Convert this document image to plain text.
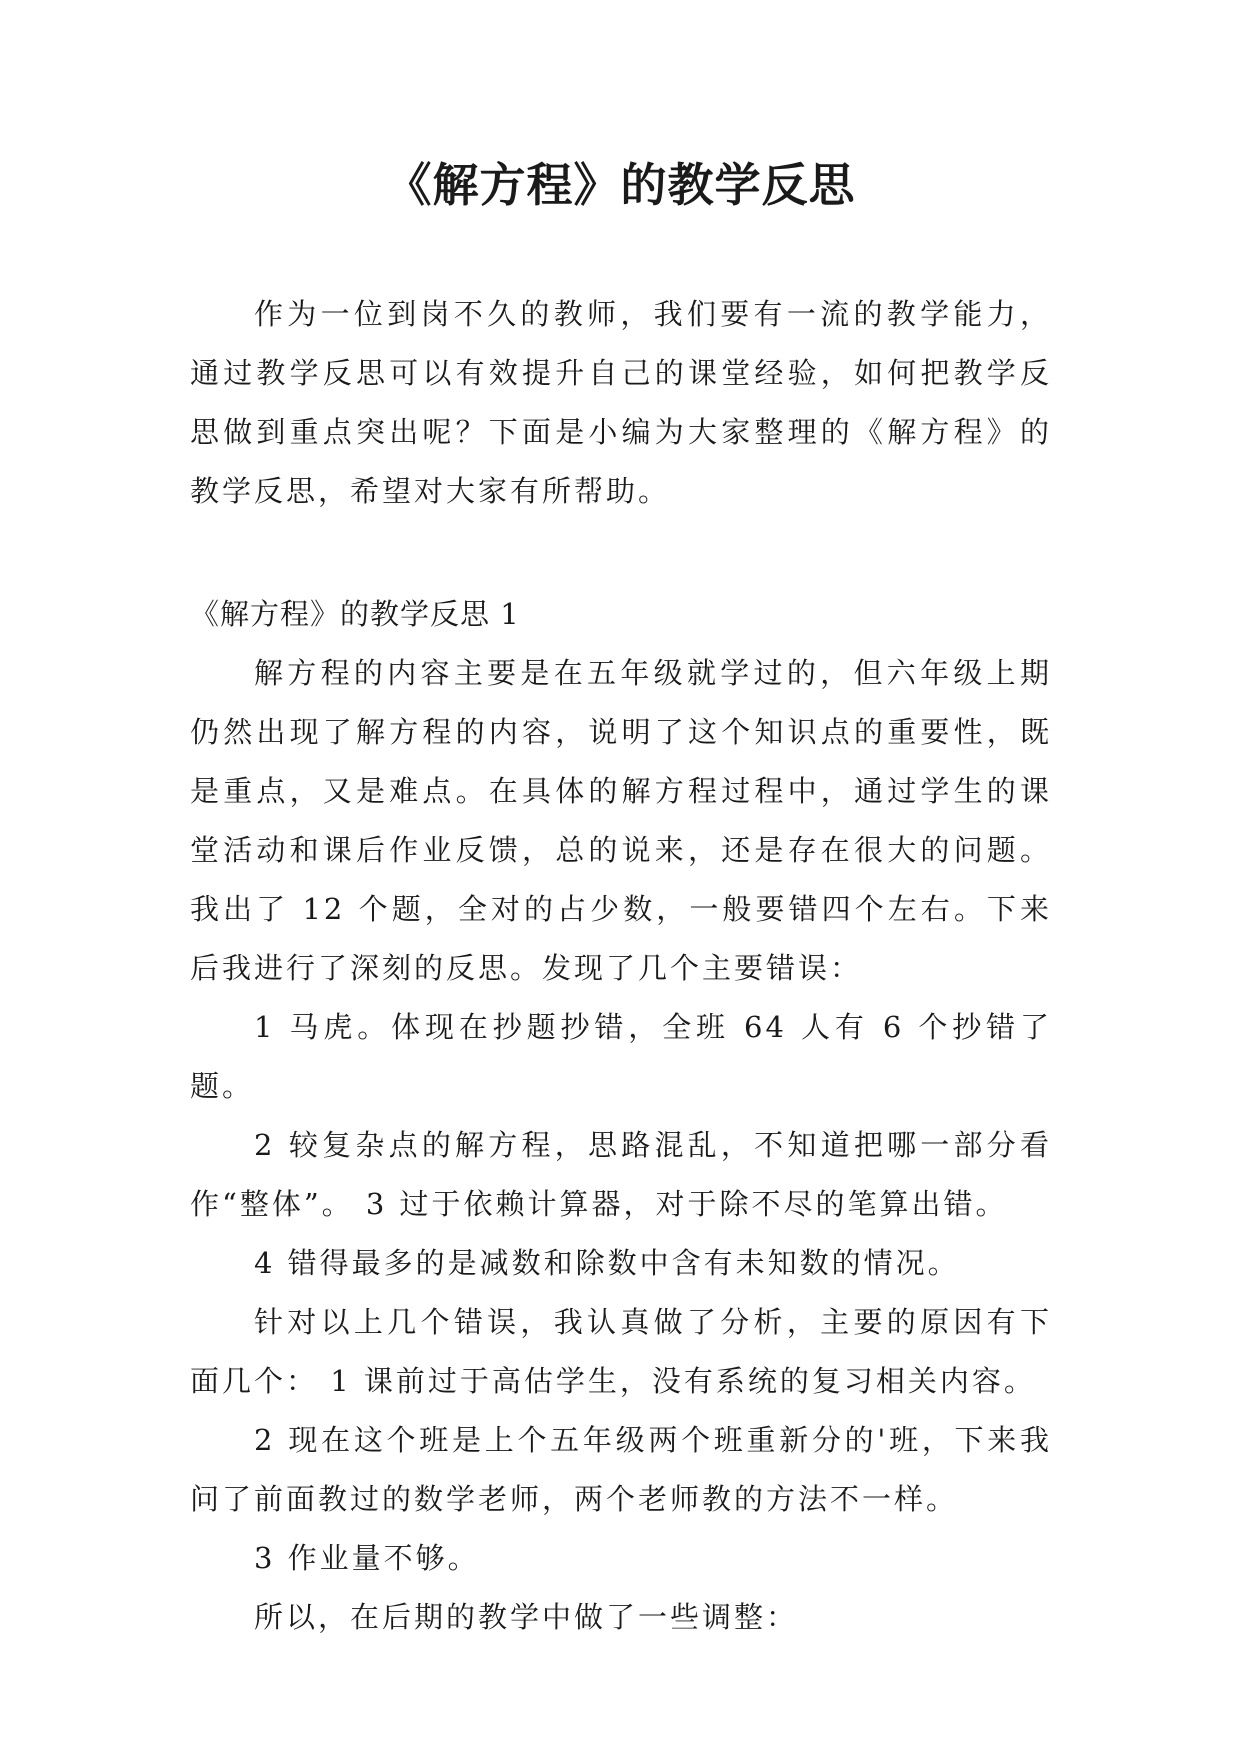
《解方程》的教学反思

作为一位到岗不久的教师，我们要有一流的教学能力，通过教学反思可以有效提升自己的课堂经验，如何把教学反思做到重点突出呢？下面是小编为大家整理的《解方程》的教学反思，希望对大家有所帮助。

《解方程》的教学反思 1

解方程的内容主要是在五年级就学过的，但六年级上期仍然出现了解方程的内容，说明了这个知识点的重要性，既是重点，又是难点。在具体的解方程过程中，通过学生的课堂活动和课后作业反馈，总的说来，还是存在很大的问题。我出了 12 个题，全对的占少数，一般要错四个左右。下来后我进行了深刻的反思。发现了几个主要错误：

1 马虎。体现在抄题抄错，全班 64 人有 6 个抄错了题。

2 较复杂点的解方程，思路混乱，不知道把哪一部分看作“整体”。 3 过于依赖计算器，对于除不尽的笔算出错。

4 错得最多的是减数和除数中含有未知数的情况。

针对以上几个错误，我认真做了分析，主要的原因有下面几个： 1 课前过于高估学生，没有系统的复习相关内容。

2 现在这个班是上个五年级两个班重新分的'班，下来我问了前面教过的数学老师，两个老师教的方法不一样。

3 作业量不够。

所以，在后期的教学中做了一些调整：
